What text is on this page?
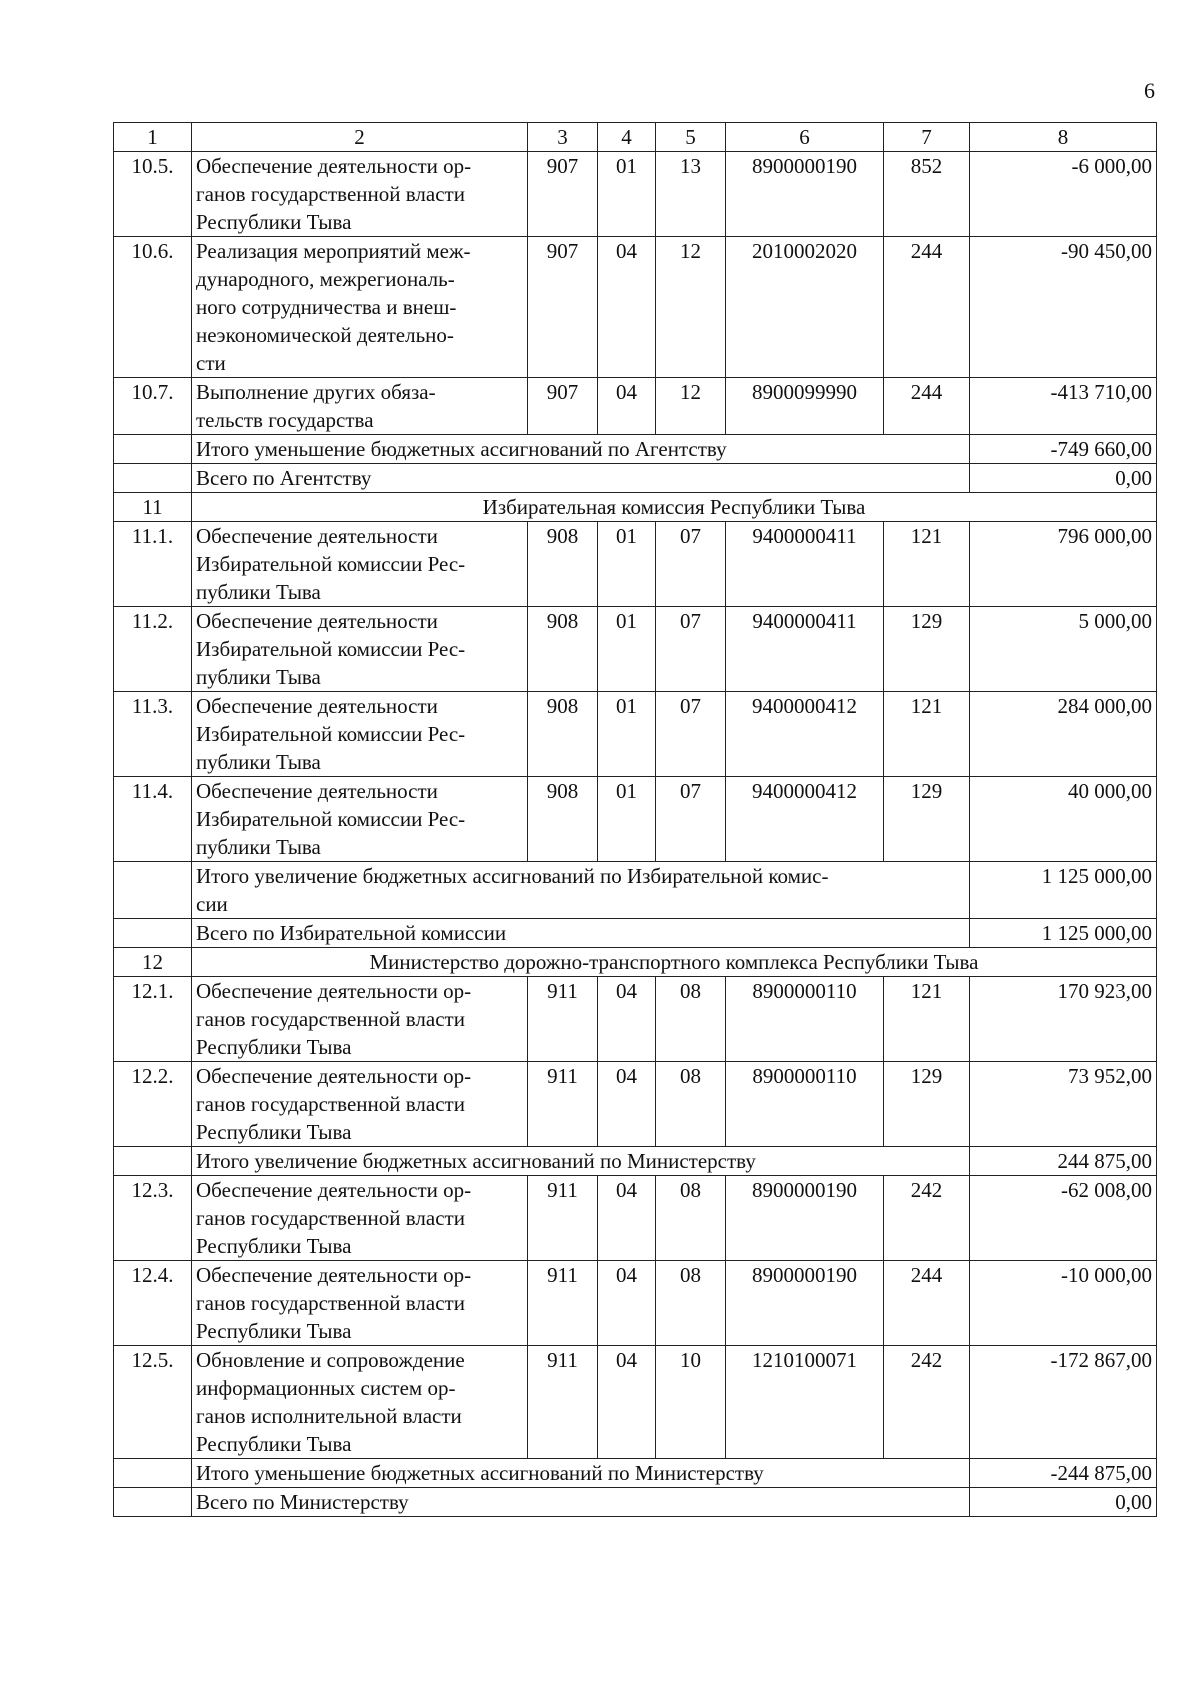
6
1	2	3	4	5	6	7	8
10.5.	Обеспечение деятельности ор-
ганов государственной власти
Республики Тыва	907	01	13	8900000190	852	-6 000,00
10.6.	Реализация мероприятий меж-
дународного, межрегиональ-
ного сотрудничества и внеш-
неэкономической деятельно-
сти	907	04	12	2010002020	244	-90 450,00
10.7.	Выполнение других обяза-
тельств государства	907	04	12	8900099990	244	-413 710,00
	Итого уменьшение бюджетных ассигнований по Агентству						-749 660,00
	Всего по Агентству						0,00
11	Избирательная комиссия Республики Тыва						
11.1.	Обеспечение деятельности
Избирательной комиссии Рес-
публики Тыва	908	01	07	9400000411	121	796 000,00
11.2.	Обеспечение деятельности
Избирательной комиссии Рес-
публики Тыва	908	01	07	9400000411	129	5 000,00
11.3.	Обеспечение деятельности
Избирательной комиссии Рес-
публики Тыва	908	01	07	9400000412	121	284 000,00
11.4.	Обеспечение деятельности
Избирательной комиссии Рес-
публики Тыва	908	01	07	9400000412	129	40 000,00
	Итого увеличение бюджетных ассигнований по Избирательной комис-
сии						1 125 000,00
	Всего по Избирательной комиссии						1 125 000,00
12	Министерство дорожно-транспортного комплекса Республики Тыва						
12.1.	Обеспечение деятельности ор-
ганов государственной власти
Республики Тыва	911	04	08	8900000110	121	170 923,00
12.2.	Обеспечение деятельности ор-
ганов государственной власти
Республики Тыва	911	04	08	8900000110	129	73 952,00
	Итого увеличение бюджетных ассигнований по Министерству						244 875,00
12.3.	Обеспечение деятельности ор-
ганов государственной власти
Республики Тыва	911	04	08	8900000190	242	-62 008,00
12.4.	Обеспечение деятельности ор-
ганов государственной власти
Республики Тыва	911	04	08	8900000190	244	-10 000,00
12.5.	Обновление и сопровождение
информационных систем ор-
ганов исполнительной власти
Республики Тыва	911	04	10	1210100071	242	-172 867,00
	Итого уменьшение бюджетных ассигнований по Министерству						-244 875,00
	Всего по Министерству						0,00
